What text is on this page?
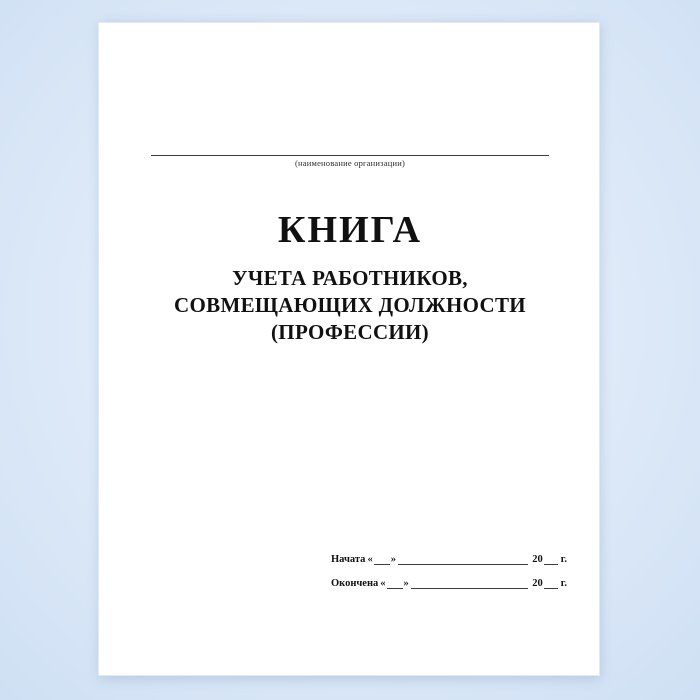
(наименование организации)
КНИГА
УЧЕТА РАБОТНИКОВ,
СОВМЕЩАЮЩИХ ДОЛЖНОСТИ
(ПРОФЕССИИ)
Начата « »	20 г.
Окончена « »	20 г.
